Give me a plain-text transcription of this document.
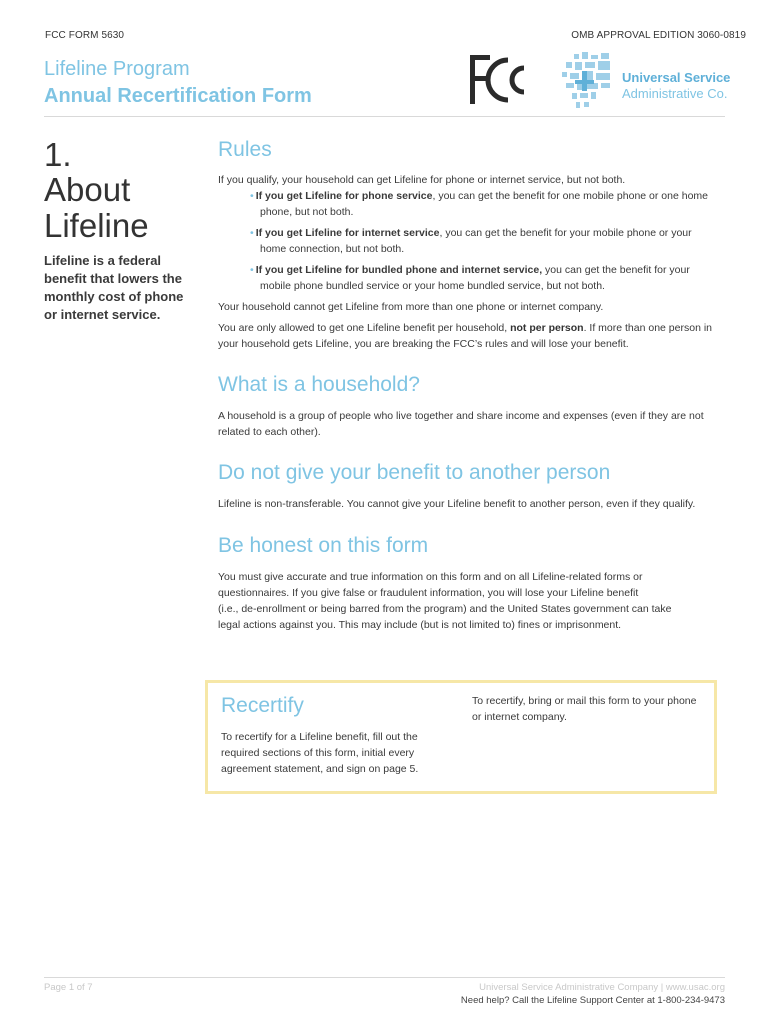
FCC FORM 5630	OMB APPROVAL EDITION 3060-0819
Lifeline Program
Annual Recertification Form
FCC
Universal Service
Administrative Co.
1.
About
Lifeline
Lifeline is a federal
benefit that lowers the
monthly cost of phone
or internet service.
Rules
If you qualify, your household can get Lifeline for phone or internet service, but not both.
• If you get Lifeline for phone service, you can get the benefit for one mobile phone or one home
phone, but not both.
• If you get Lifeline for internet service, you can get the benefit for your mobile phone or your
home connection, but not both.
• If you get Lifeline for bundled phone and internet service, you can get the benefit for your
mobile phone bundled service or your home bundled service, but not both.
Your household cannot get Lifeline from more than one phone or internet company.
You are only allowed to get one Lifeline benefit per household, not per person. If more than one person in
your household gets Lifeline, you are breaking the FCC’s rules and will lose your benefit.
What is a household?
A household is a group of people who live together and share income and expenses (even if they are not
related to each other).
Do not give your benefit to another person
Lifeline is non-transferable. You cannot give your Lifeline benefit to another person, even if they qualify.
Be honest on this form
You must give accurate and true information on this form and on all Lifeline-related forms or
questionnaires. If you give false or fraudulent information, you will lose your Lifeline benefit
(i.e., de-enrollment or being barred from the program) and the United States government can take
legal actions against you. This may include (but is not limited to) fines or imprisonment.
Recertify
To recertify for a Lifeline benefit, fill out the
required sections of this form, initial every
agreement statement, and sign on page 5.
To recertify, bring or mail this form to your phone
or internet company.
Page 1 of 7	Universal Service Administrative Company | www.usac.org
Need help? Call the Lifeline Support Center at 1-800-234-9473
